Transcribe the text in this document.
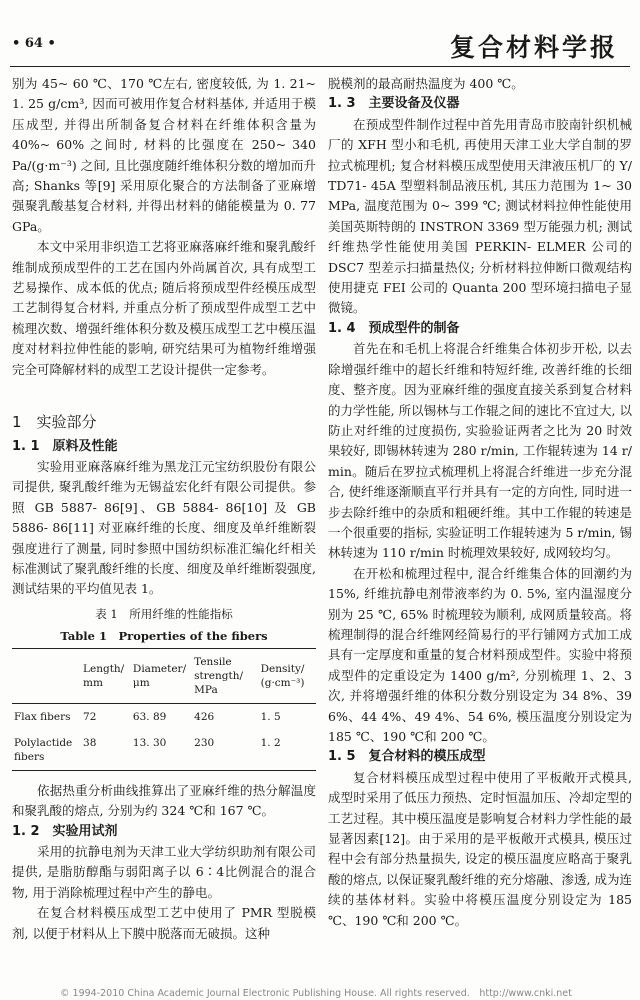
• 64 •	复合材料学报

别为 45~ 60 ℃、170 ℃左右, 密度较低, 为 1. 21~ 1. 25 g/cm³, 因而可被用作复合材料基体, 并适用于模压成型, 并得出所制备复合材料在纤维体积含量为 40%~ 60% 之间时, 材料的比强度在 250~ 340 Pa/(g·m⁻³) 之间, 且比强度随纤维体积分数的增加而升高; Shanks 等[9] 采用原化聚合的方法制备了亚麻增强聚乳酸基复合材料, 并得出材料的储能模量为 0. 77 GPa。

本文中采用非织造工艺将亚麻落麻纤维和聚乳酸纤维制成预成型件的工艺在国内外尚属首次, 具有成型工艺易操作、成本低的优点; 随后将预成型件经模压成型工艺制得复合材料, 并重点分析了预成型件成型工艺中梳理次数、增强纤维体积分数及模压成型工艺中模压温度对材料拉伸性能的影响, 研究结果可为植物纤维增强完全可降解材料的成型工艺设计提供一定参考。

1　实验部分
1. 1　原料及性能

实验用亚麻落麻纤维为黑龙江元宝纺织股份有限公司提供, 聚乳酸纤维为无锡益宏化纤有限公司提供。参照 GB 5887- 86[9]、GB 5884- 86[10] 及 GB 5886- 86[11] 对亚麻纤维的长度、细度及单纤维断裂强度进行了测量, 同时参照中国纺织标准汇编化纤相关标准测试了聚乳酸纤维的长度、细度及单纤维断裂强度, 测试结果的平均值见表 1。

表 1　所用纤维的性能指标
Table 1　Properties of the fibers
	Length/ mm	Diameter/ μm	Tensile strength/ MPa	Density/ (g·cm⁻³)
Flax fibers	72	63. 89	426	1. 5
Polylactide fibers	38	13. 30	230	1. 2

依据热重分析曲线推算出了亚麻纤维的热分解温度和聚乳酸的熔点, 分别为约 324 ℃和 167 ℃。

1. 2　实验用试剂

采用的抗静电剂为天津工业大学纺织助剂有限公司提供, 是脂肪醇酯与弱阳离子以 6∶4比例混合的混合物, 用于消除梳理过程中产生的静电。

在复合材料模压成型工艺中使用了 PMR 型脱模剂, 以便于材料从上下膜中脱落而无破损。这种

脱模剂的最高耐热温度为 400 ℃。

1. 3　主要设备及仪器

在预成型件制作过程中首先用青岛市胶南针织机械厂的 XFH 型小和毛机, 再使用天津工业大学自制的罗拉式梳理机; 复合材料模压成型使用天津液压机厂的 Y/ TD71- 45A 型塑料制品液压机, 其压力范围为 1~ 30 MPa, 温度范围为 0~ 399 ℃; 测试材料拉伸性能使用美国英斯特朗的 INSTRON 3369 型万能强力机; 测试纤维热学性能使用美国 PERKIN- ELMER 公司的 DSC7 型差示扫描量热仪; 分析材料拉伸断口微观结构使用捷克 FEI 公司的 Quanta 200 型环境扫描电子显微镜。

1. 4　预成型件的制备

首先在和毛机上将混合纤维集合体初步开松, 以去除增强纤维中的超长纤维和特短纤维, 改善纤维的长细度、整齐度。因为亚麻纤维的强度直接关系到复合材料的力学性能, 所以锡林与工作辊之间的速比不宜过大, 以防止对纤维的过度损伤, 实验验证两者之比为 20 时效果较好, 即锡林转速为 280 r/min, 工作辊转速为 14 r/ min。随后在罗拉式梳理机上将混合纤维进一步充分混合, 使纤维逐渐顺直平行并具有一定的方向性, 同时进一步去除纤维中的杂质和粗硬纤维。其中工作辊的转速是一个很重要的指标, 实验证明工作辊转速为 5 r/min, 锡林转速为 110 r/min 时梳理效果较好, 成网较均匀。

在开松和梳理过程中, 混合纤维集合体的回潮约为 15%, 纤维抗静电剂带液率约为 0. 5%, 室内温湿度分别为 25 ℃, 65% 时梳理较为顺利, 成网质量较高。将梳理制得的混合纤维网经简易行的平行铺网方式加工成具有一定厚度和重量的复合材料预成型件。实验中将预成型件的定重设定为 1400 g/m², 分别梳理 1、2、3 次, 并将增强纤维的体积分数分别设定为 34 8%、39 6%、44 4%、49 4%、54 6%, 模压温度分别设定为 185 ℃、190 ℃和 200 ℃。

1. 5　复合材料的模压成型

复合材料模压成型过程中使用了平板敞开式模具, 成型时采用了低压力预热、定时恒温加压、冷却定型的工艺过程。其中模压温度是影响复合材料力学性能的最显著因素[12]。由于采用的是平板敞开式模具, 模压过程中会有部分热量损失, 设定的模压温度应略高于聚乳酸的熔点, 以保证聚乳酸纤维的充分熔融、渗透, 成为连续的基体材料。实验中将模压温度分别设定为 185 ℃、190 ℃和 200 ℃。

© 1994-2010 China Academic Journal Electronic Publishing House. All rights reserved.　http://www.cnki.net
